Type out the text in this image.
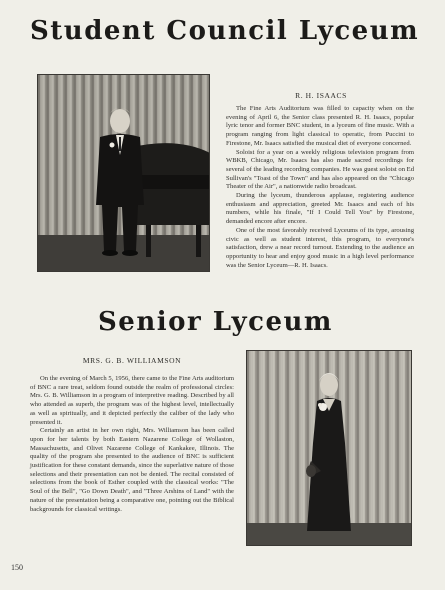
Student Council Lyceum
R. H. ISAACS

The Fine Arts Auditorium was filled to capacity when on the evening of April 6, the Senior class presented R. H. Isaacs, popular lyric tenor and former BNC student, in a lyceum of fine music. With a program ranging from light classical to operatic, from Puccini to Firestone, Mr. Isaacs satisfied the musical diet of everyone concerned.

Soloist for a year on a weekly religious television program from WBKB, Chicago, Mr. Isaacs has also made sacred recordings for several of the leading recording companies. He was guest soloist on Ed Sullivan's "Toast of the Town" and has also appeared on the "Chicago Theater of the Air", a nationwide radio broadcast.

During the lyceum, thunderous applause, registering audience enthusiasm and appreciation, greeted Mr. Isaacs and each of his numbers, while his finale, "If I Could Tell You" by Firestone, demanded encore after encore.

One of the most favorably received Lyceums of its type, arousing civic as well as student interest, this program, to everyone's satisfaction, drew a near record turnout. Extending to the audience an opportunity to hear and enjoy good music in a high level performance was the Senior Lyceum—R. H. Isaacs.

Senior Lyceum
MRS. G. B. WILLIAMSON

On the evening of March 5, 1956, there came to the Fine Arts auditorium of BNC a rare treat, seldom found outside the realm of professional circles: Mrs. G. B. Williamson in a program of interpretive reading. Described by all who attended as superb, the program was of the highest level, intellectually as well as spiritually, and it depicted perfectly the caliber of the lady who presented it.

Certainly an artist in her own right, Mrs. Williamson has been called upon for her talents by both Eastern Nazarene College of Wollaston, Massachusetts, and Olivet Nazarene College of Kankakee, Illinois. The quality of the program she presented to the audience of BNC is sufficient justification for these constant demands, since the superlative nature of those selections and their presentation can not be denied. The recital consisted of selections from the book of Esther coupled with the classical works: "The Soul of the Bell", "Go Down Death", and "Three Arshins of Land" with the nature of the presentation being a comparative one, pointing out the Biblical backgrounds for classical writings.

150
